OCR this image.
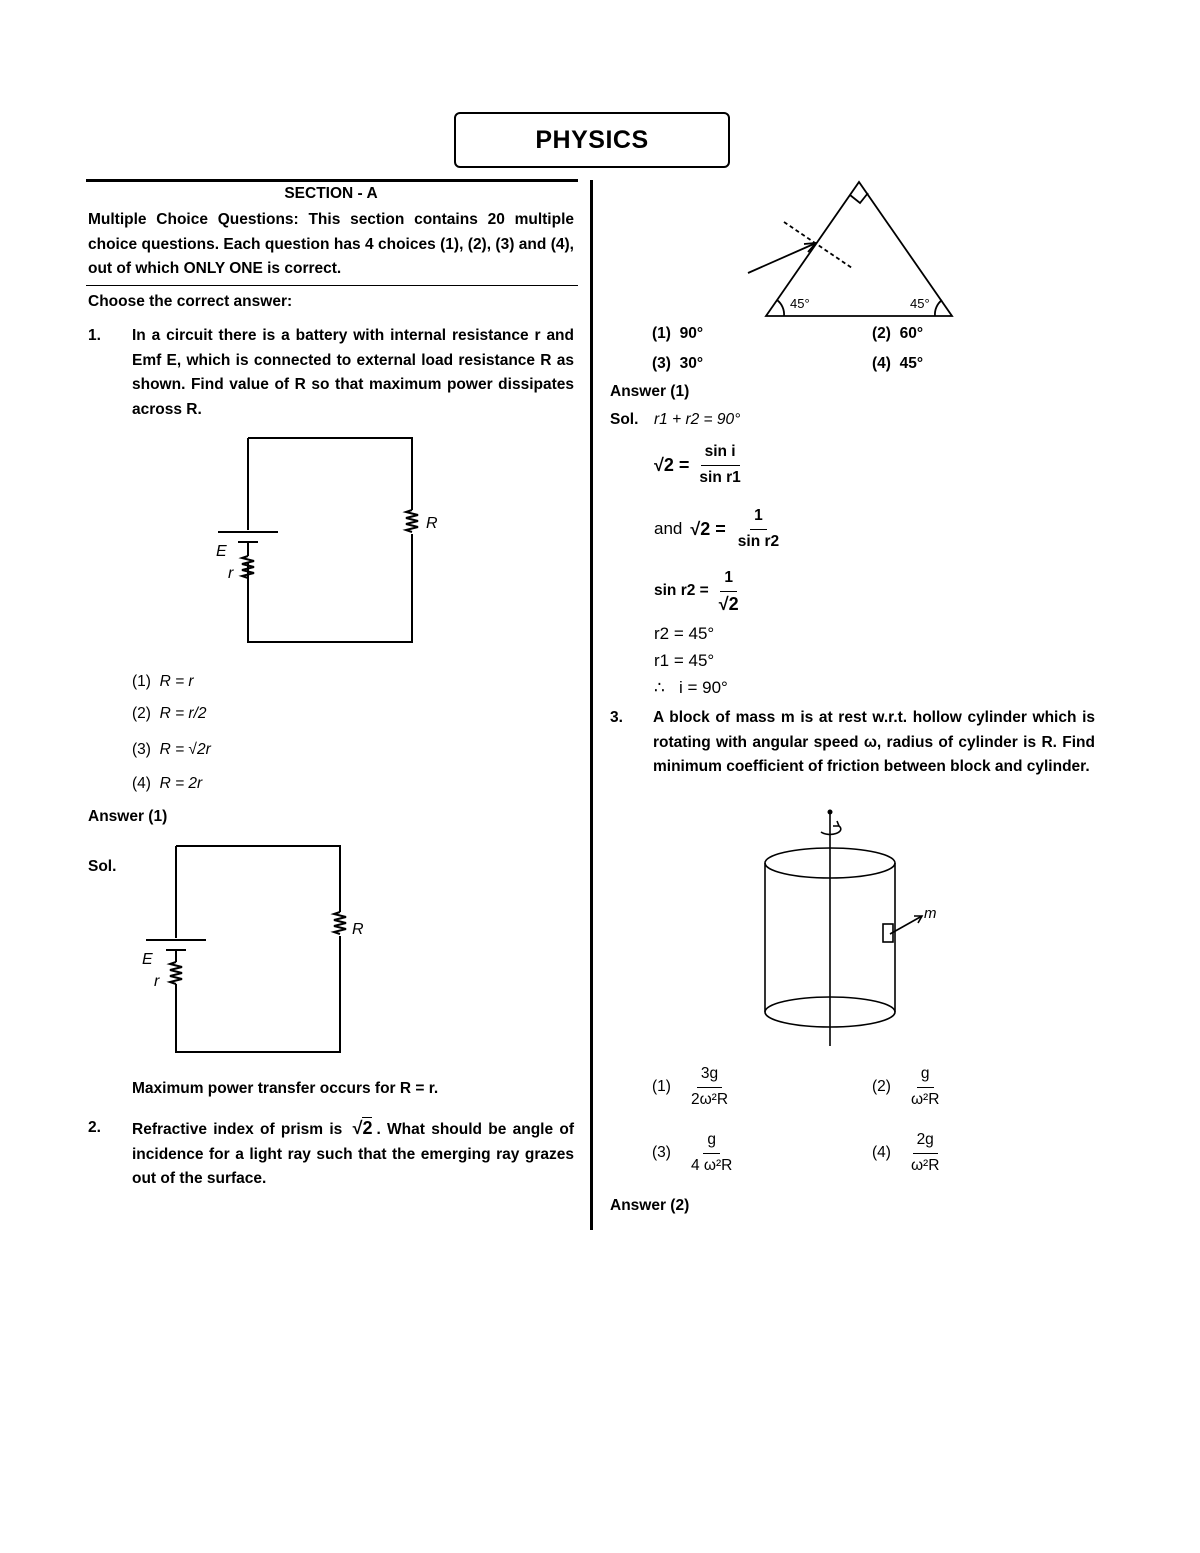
PHYSICS
SECTION - A
Multiple Choice Questions: This section contains 20 multiple choice questions. Each question has 4 choices (1), (2), (3) and (4), out of which ONLY ONE is correct.
Choose the correct answer:
1.	In a circuit there is a battery with internal resistance r and Emf E, which is connected to external load resistance R as shown. Find value of R so that maximum power dissipates across R.
R
E
r
(1) R = r
(2) R = r/2
(3) R = √2r
(4) R = 2r
Answer (1)
Sol.
R
E
r
Maximum power transfer occurs for R = r.
2.	Refractive index of prism is √2 . What should be angle of incidence for a light ray such that the emerging ray grazes out of the surface.
45°	45°
(1) 90°	(2) 60°
(3) 30°	(4) 45°
Answer (1)
Sol. r1 + r2 = 90°
$√2 = \frac{\text{sin i}}{\text{sin r1}}$
and $√2 = \frac{1}{\text{sin r2}}$
$\sin r2 = \frac{1}{√2}$
r2 = 45°
r1 = 45°
∴   i = 90°
3.	A block of mass m is at rest w.r.t. hollow cylinder which is rotating with angular speed ω, radius of cylinder is R. Find minimum coefficient of friction between block and cylinder.
m
$(1) \frac{3g}{\text{2ω²R}}$	$(2) \frac{g}{\text{ω²R}}$
$(3) \frac{g}{\text{4 ω²R}}$	$(4) \frac{2g}{\text{ω²R}}$
Answer (2)
